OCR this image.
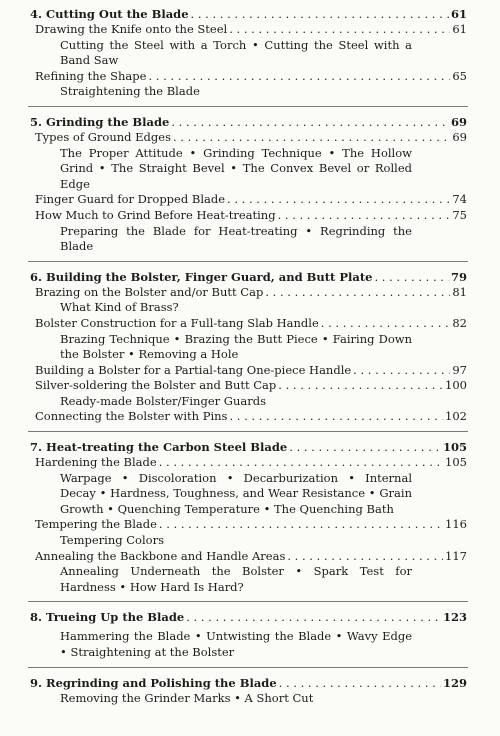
4. Cutting Out the Blade . . .	61
Drawing the Knife onto the Steel . . .	61
Cutting the Steel with a Torch • Cutting the Steel with a Band Saw
Refining the Shape . . .	65
Straightening the Blade
5. Grinding the Blade . . .	69
Types of Ground Edges . . .	69
The Proper Attitude • Grinding Technique • The Hollow Grind • The Straight Bevel • The Convex Bevel or Rolled Edge
Finger Guard for Dropped Blade . . .	74
How Much to Grind Before Heat-treating . . .	75
Preparing the Blade for Heat-treating • Regrinding the Blade
6. Building the Bolster, Finger Guard, and Butt Plate . . .	79
Brazing on the Bolster and/or Butt Cap . . .	81
What Kind of Brass?
Bolster Construction for a Full-tang Slab Handle . . .	82
Brazing Technique • Brazing the Butt Piece • Fairing Down the Bolster • Removing a Hole
Building a Bolster for a Partial-tang One-piece Handle . . .	97
Silver-soldering the Bolster and Butt Cap . . .	100
Ready-made Bolster/Finger Guards
Connecting the Bolster with Pins . . .	102
7. Heat-treating the Carbon Steel Blade . . .	105
Hardening the Blade . . .	105
Warpage • Discoloration • Decarburization • Internal Decay • Hardness, Toughness, and Wear Resistance • Grain Growth • Quenching Temperature • The Quenching Bath
Tempering the Blade . . .	116
Tempering Colors
Annealing the Backbone and Handle Areas . . .	117
Annealing Underneath the Bolster • Spark Test for Hardness • How Hard Is Hard?
8. Trueing Up the Blade . . .	123
Hammering the Blade • Untwisting the Blade • Wavy Edge • Straightening at the Bolster
9. Regrinding and Polishing the Blade . . .	129
Removing the Grinder Marks • A Short Cut
